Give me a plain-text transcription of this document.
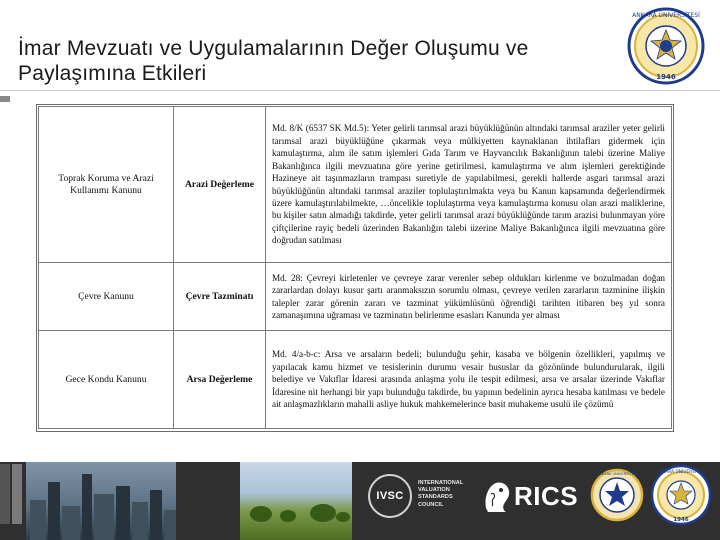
İmar Mevzuatı ve Uygulamalarının Değer Oluşumu ve
Paylaşımına Etkileri
ANKARA ÜNİVERSİTESİ
1946
Toprak Koruma ve Arazi Kullanımı Kanunu	Arazi Değerleme	Md. 8/K (6537 SK Md.5): Yeter gelirli tarımsal arazi büyüklüğünün altındaki tarımsal araziler yeter gelirli tarımsal arazi büyüklüğüne çıkarmak veya mülkiyetten kaynaklanan ihtilafları gidermek için kamulaştırma, alım ile satım işlemleri Gıda Tarım ve Hayvancılık Bakanlığının talebi üzerine Maliye Bakanlığınca ilgili mevzuatına göre yerine getirilmesi, kamulaştırma ve alım işlemleri gerektiğinde Hazineye ait taşınmazların trampası suretiyle de yapılabilmesi, gerekli hallerde asgari tarımsal arazi büyüklüğünün altındaki tarımsal araziler toplulaştırılmakta veya bu Kanun kapsamında değerlendirmek üzere kamulaştırılabilmekte, …öncelikle toplulaştırma veya kamulaştırma konusu olan arazi maliklerine, bu kişiler satın almadığı takdirde, yeter gelirli tarımsal arazi büyüklüğünde tarım arazisi bulunmayan yöre çiftçilerine rayiç bedeli üzerinden Bakanlığın talebi üzerine Maliye Bakanlığınca ilgili mevzuatına göre doğrudan satılması
Çevre Kanunu	Çevre Tazminatı	Md. 28: Çevreyi kirletenler ve çevreye zarar verenler sebep oldukları kirlenme ve bozulmadan doğan zararlardan dolayı kusur şartı aranmaksızın sorumlu olması, çevreye verilen zararların tazminine ilişkin talepler zarar görenin zararı ve tazminat yükümlüsünü öğrendiği tarihten itibaren beş yıl sonra zamanaşımına uğraması ve tazminatın belirlenme esasları Kanunda yer alması
Gece Kondu Kanunu	Arsa Değerleme	Md. 4/a-b-c: Arsa ve arsaların bedeli; bulunduğu şehir, kasaba ve bölgenin özellikleri, yapılmış ve yapılacak kamu hizmet ve tesislerinin durumu vesair hususlar da gözönünde bulundurularak, ilgili belediye ve Vakıflar İdaresi arasında anlaşma yolu ile tespit edilmesi, arsa ve arsalar üzerinde Vakıflar İdaresine nit herhangi bir yapı bulunduğu takdirde, bu yapının bedelinin ayrıca hesaba katılması ve bedele ait anlaşmazlıkların mahalli asliye hukuk mahkemelerince basit muhakeme usulü ile çözümü
IVSC
INTERNATIONAL VALUATION STANDARDS COUNCIL	RICS
ANKARA ÜNİVERSİTESİ	ANKARA ÜNİVERSİTESİ
1946
